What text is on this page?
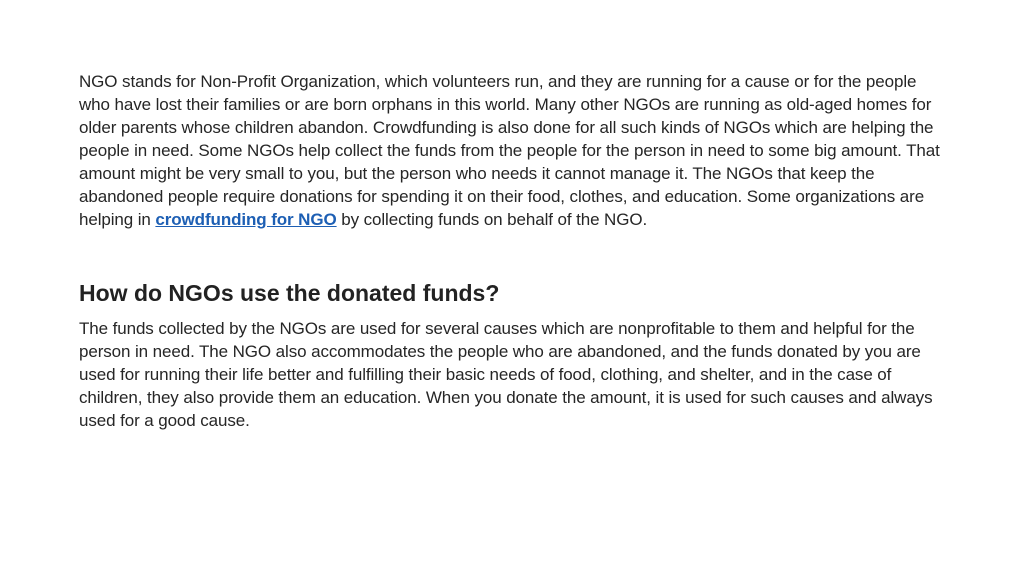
NGO stands for Non-Profit Organization, which volunteers run, and they are running for a cause or for the people who have lost their families or are born orphans in this world. Many other NGOs are running as old-aged homes for older parents whose children abandon. Crowdfunding is also done for all such kinds of NGOs which are helping the people in need. Some NGOs help collect the funds from the people for the person in need to some big amount. That amount might be very small to you, but the person who needs it cannot manage it. The NGOs that keep the abandoned people require donations for spending it on their food, clothes, and education. Some organizations are helping in crowdfunding for NGO by collecting funds on behalf of the NGO.

How do NGOs use the donated funds?

The funds collected by the NGOs are used for several causes which are nonprofitable to them and helpful for the person in need. The NGO also accommodates the people who are abandoned, and the funds donated by you are used for running their life better and fulfilling their basic needs of food, clothing, and shelter, and in the case of children, they also provide them an education. When you donate the amount, it is used for such causes and always used for a good cause.
